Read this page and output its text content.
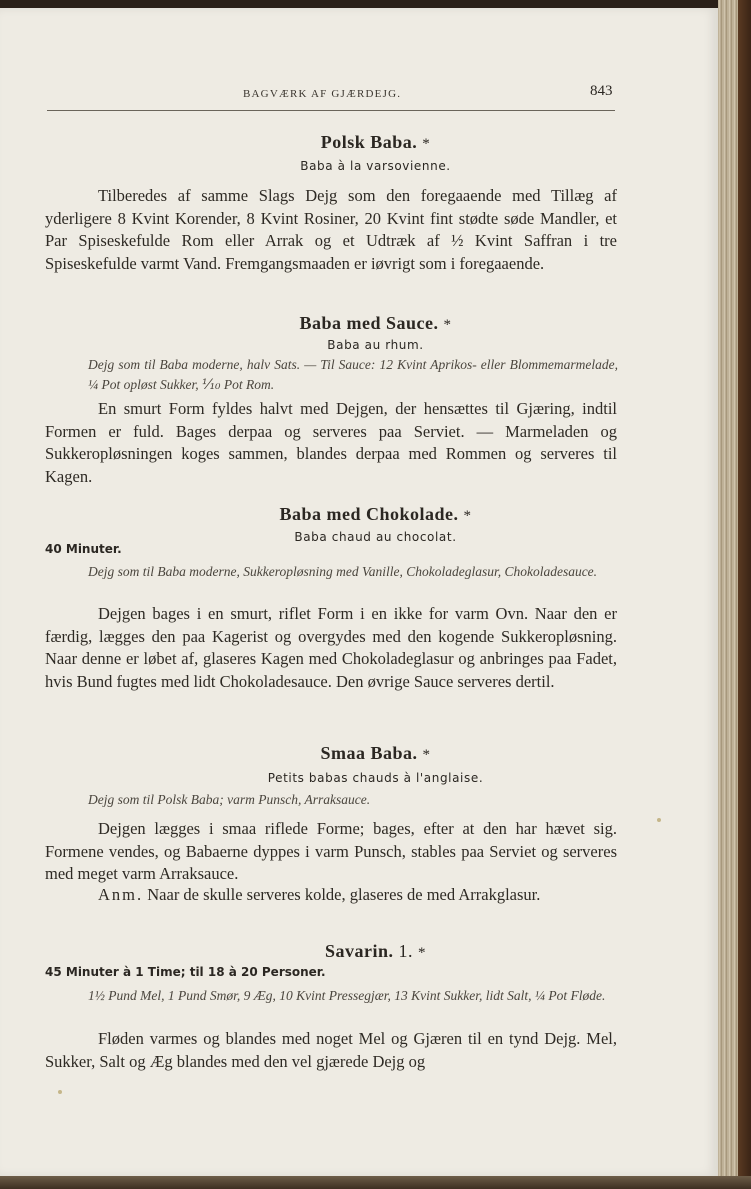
BAGVÆRK AF GJÆRDEJG.	843
Polsk Baba. *
Baba à la varsovienne.
Tilberedes af samme Slags Dejg som den foregaaende med Tillæg af yderligere 8 Kvint Korender, 8 Kvint Rosiner, 20 Kvint fint stødte søde Mandler, et Par Spiseskefulde Rom eller Arrak og et Udtræk af ½ Kvint Saffran i tre Spiseskefulde varmt Vand. Fremgangsmaaden er iøvrigt som i foregaaende.
Baba med Sauce. *
Baba au rhum.
Dejg som til Baba moderne, halv Sats. — Til Sauce: 12 Kvint Aprikos- eller Blommemarmelade, ¼ Pot opløst Sukker, ⅒ Pot Rom.
En smurt Form fyldes halvt med Dejgen, der hensættes til Gjæring, indtil Formen er fuld. Bages derpaa og serveres paa Serviet. — Marmeladen og Sukkeropløsningen koges sammen, blandes derpaa med Rommen og serveres til Kagen.
Baba med Chokolade. *
Baba chaud au chocolat.
40 Minuter.
Dejg som til Baba moderne, Sukkeropløsning med Vanille, Chokoladeglasur, Chokoladesauce.
Dejgen bages i en smurt, riflet Form i en ikke for varm Ovn. Naar den er færdig, lægges den paa Kagerist og overgydes med den kogende Sukkeropløsning. Naar denne er løbet af, glaseres Kagen med Chokoladeglasur og anbringes paa Fadet, hvis Bund fugtes med lidt Chokoladesauce. Den øvrige Sauce serveres dertil.
Smaa Baba. *
Petits babas chauds à l'anglaise.
Dejg som til Polsk Baba; varm Punsch, Arraksauce.
Dejgen lægges i smaa riflede Forme; bages, efter at den har hævet sig. Formene vendes, og Babaerne dyppes i varm Punsch, stables paa Serviet og serveres med meget varm Arraksauce.
Anm. Naar de skulle serveres kolde, glaseres de med Arrakglasur.
Savarin. 1. *
45 Minuter à 1 Time; til 18 à 20 Personer.
1½ Pund Mel, 1 Pund Smør, 9 Æg, 10 Kvint Pressegjær, 13 Kvint Sukker, lidt Salt, ¼ Pot Fløde.
Fløden varmes og blandes med noget Mel og Gjæren til en tynd Dejg. Mel, Sukker, Salt og Æg blandes med den vel gjærede Dejg og
